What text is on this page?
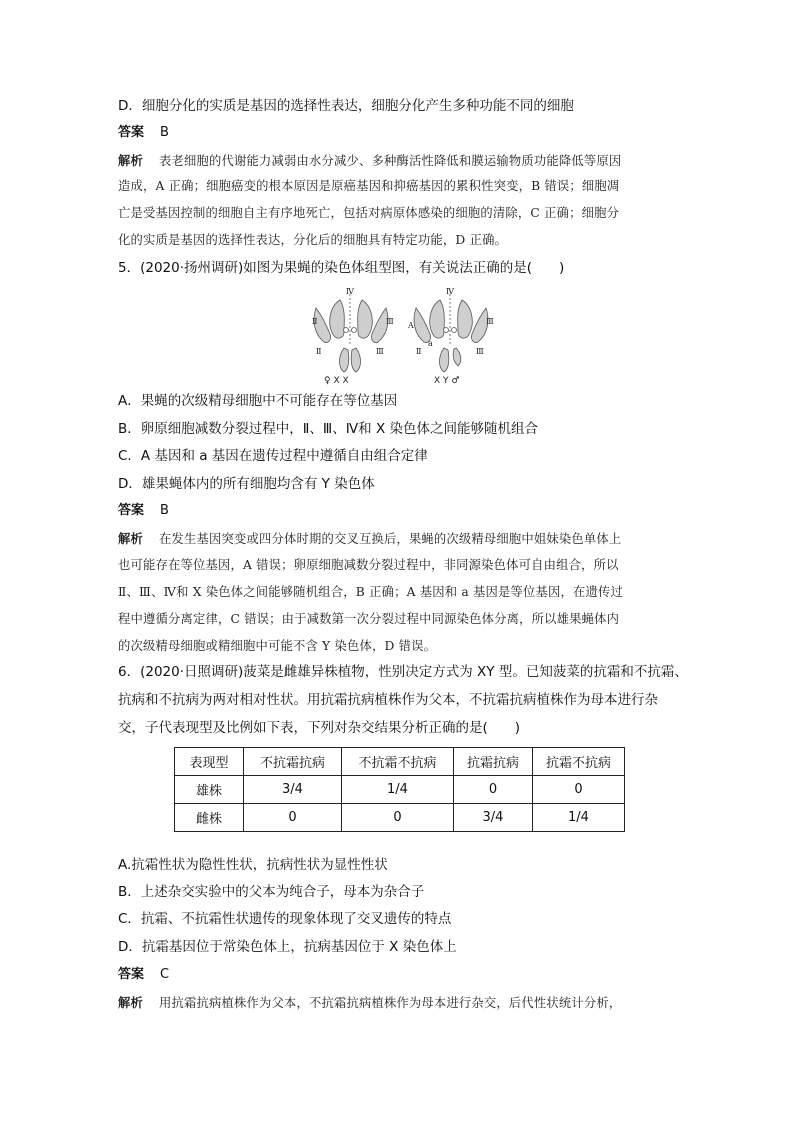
D．细胞分化的实质是基因的选择性表达，细胞分化产生多种功能不同的细胞
答案 B
解析 表老细胞的代谢能力减弱由水分减少、多种酶活性降低和膜运输物质功能降低等原因
造成，A 正确；细胞癌变的根本原因是原癌基因和抑癌基因的累积性突变，B 错误；细胞凋
亡是受基因控制的细胞自主有序地死亡，包括对病原体感染的细胞的清除，C 正确；细胞分
化的实质是基因的选择性表达，分化后的细胞具有特定功能，D 正确。
5．(2020·扬州调研)如图为果蝇的染色体组型图，有关说法正确的是(　　)
Ⅳ
Ⅱ	Ⅲ
Ⅱ	Ⅲ
Ⅳ
A	Ⅲ
a
Ⅱ	Ⅲ
♀ X X	X Y ♂
A．果蝇的次级精母细胞中不可能存在等位基因
B．卵原细胞减数分裂过程中，Ⅱ、Ⅲ、Ⅳ和 X 染色体之间能够随机组合
C．A 基因和 a 基因在遗传过程中遵循自由组合定律
D．雄果蝇体内的所有细胞均含有 Y 染色体
答案 B
解析 在发生基因突变或四分体时期的交叉互换后，果蝇的次级精母细胞中姐妹染色单体上
也可能存在等位基因，A 错误；卵原细胞减数分裂过程中，非同源染色体可自由组合，所以
Ⅱ、Ⅲ、Ⅳ和 X 染色体之间能够随机组合，B 正确；A 基因和 a 基因是等位基因，在遗传过
程中遵循分离定律，C 错误；由于减数第一次分裂过程中同源染色体分离，所以雄果蝇体内
的次级精母细胞或精细胞中可能不含 Y 染色体，D 错误。
6．(2020·日照调研)菠菜是雌雄异株植物，性别决定方式为 XY 型。已知菠菜的抗霜和不抗霜、
抗病和不抗病为两对相对性状。用抗霜抗病植株作为父本，不抗霜抗病植株作为母本进行杂
交，子代表现型及比例如下表，下列对杂交结果分析正确的是(　　)
表现型	不抗霜抗病	不抗霜不抗病	抗霜抗病	抗霜不抗病
雄株	3/4	1/4	0	0
雌株	0	0	3/4	1/4
A.抗霜性状为隐性性状，抗病性状为显性性状
B．上述杂交实验中的父本为纯合子，母本为杂合子
C．抗霜、不抗霜性状遗传的现象体现了交叉遗传的特点
D．抗霜基因位于常染色体上，抗病基因位于 X 染色体上
答案 C
解析 用抗霜抗病植株作为父本，不抗霜抗病植株作为母本进行杂交，后代性状统计分析，
